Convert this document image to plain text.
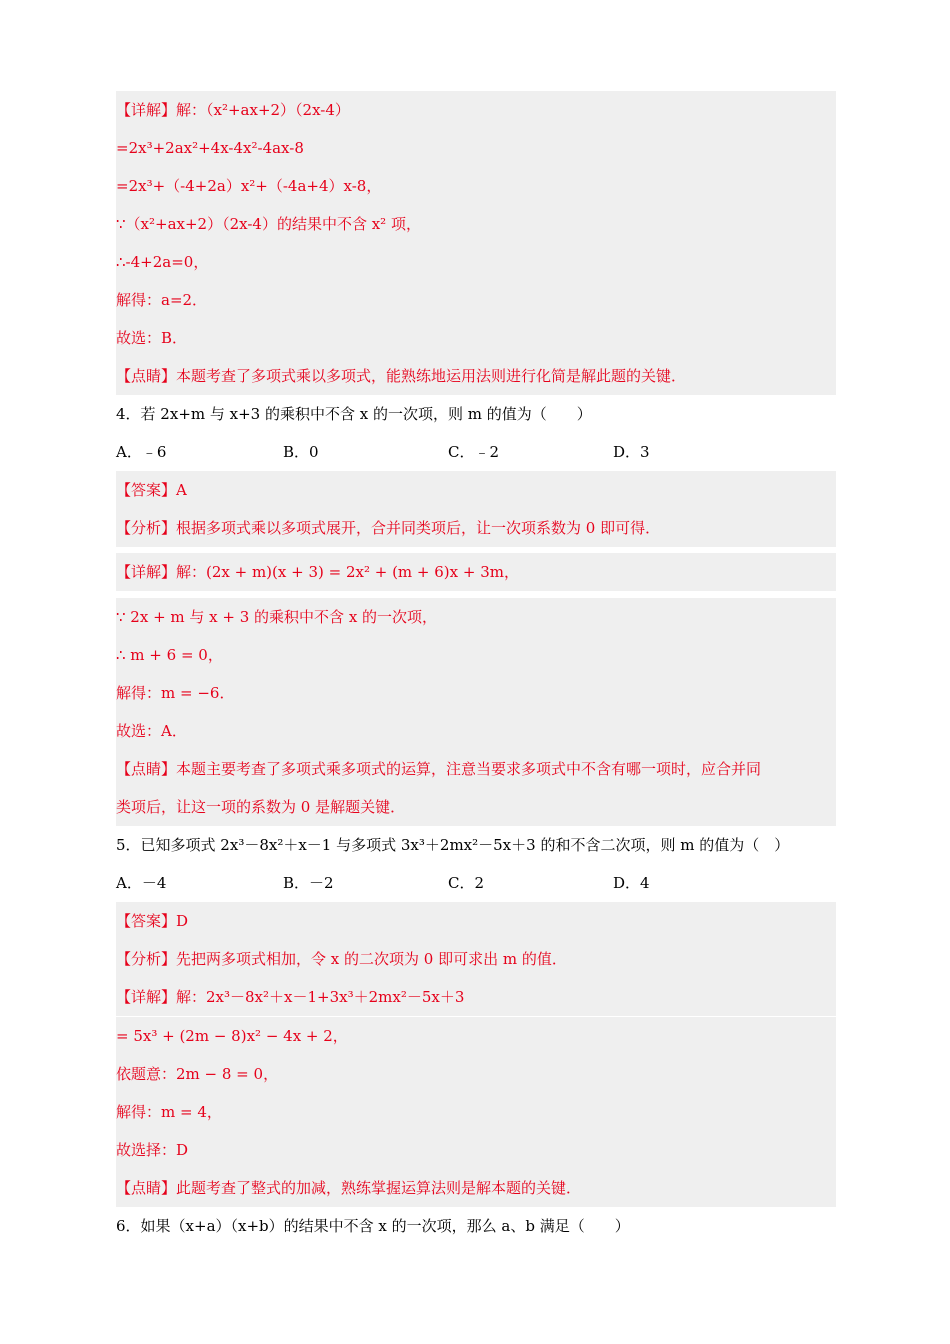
【详解】解：（x²+ax+2）（2x-4）
=2x³+2ax²+4x-4x²-4ax-8
=2x³+（-4+2a）x²+（-4a+4）x-8，
∵（x²+ax+2）（2x-4）的结果中不含 x² 项，
∴-4+2a=0，
解得：a=2．
故选：B．
【点睛】本题考查了多项式乘以多项式，能熟练地运用法则进行化简是解此题的关键．
4．若 2x+m 与 x+3 的乘积中不含 x 的一次项，则 m 的值为（　　）
A．﹣6	B．0	C．﹣2	D．3
【答案】A
【分析】根据多项式乘以多项式展开，合并同类项后，让一次项系数为 0 即可得．
【详解】解：(2x + m)(x + 3) = 2x² + (m + 6)x + 3m，
∵ 2x + m 与 x + 3 的乘积中不含 x 的一次项，
∴ m + 6 = 0，
解得：m = −6．
故选：A．
【点睛】本题主要考查了多项式乘多项式的运算，注意当要求多项式中不含有哪一项时，应合并同
类项后，让这一项的系数为 0 是解题关键．
5．已知多项式 2x³－8x²＋x－1 与多项式 3x³＋2mx²－5x＋3 的和不含二次项，则 m 的值为（　）
A．－4	B．－2	C．2	D．4
【答案】D
【分析】先把两多项式相加，令 x 的二次项为 0 即可求出 m 的值．
【详解】解：2x³－8x²＋x－1+3x³＋2mx²－5x＋3
= 5x³ + (2m − 8)x² − 4x + 2，
依题意：2m − 8 = 0，
解得：m = 4，
故选择：D
【点睛】此题考查了整式的加减，熟练掌握运算法则是解本题的关键．
6．如果（x+a）（x+b）的结果中不含 x 的一次项，那么 a、b 满足（　　）
